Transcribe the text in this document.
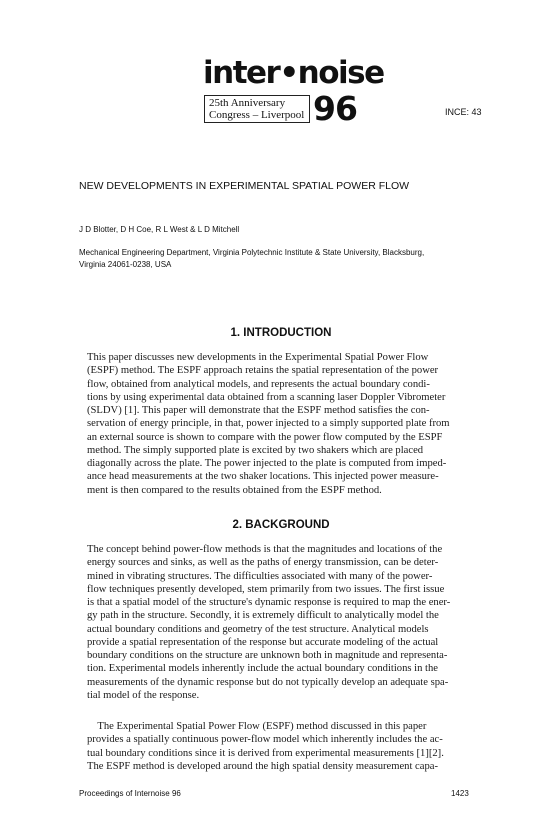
inter•noise
25th Anniversary
Congress – Liverpool 96	INCE: 43
NEW DEVELOPMENTS IN EXPERIMENTAL SPATIAL POWER FLOW
J D Blotter, D H Coe, R L West & L D Mitchell
Mechanical Engineering Department, Virginia Polytechnic Institute & State University, Blacksburg,
Virginia 24061-0238, USA
1. INTRODUCTION
This paper discusses new developments in the Experimental Spatial Power Flow
(ESPF) method. The ESPF approach retains the spatial representation of the power
flow, obtained from analytical models, and represents the actual boundary condi-
tions by using experimental data obtained from a scanning laser Doppler Vibrometer
(SLDV) [1]. This paper will demonstrate that the ESPF method satisfies the con-
servation of energy principle, in that, power injected to a simply supported plate from
an external source is shown to compare with the power flow computed by the ESPF
method. The simply supported plate is excited by two shakers which are placed
diagonally across the plate. The power injected to the plate is computed from imped-
ance head measurements at the two shaker locations. This injected power measure-
ment is then compared to the results obtained from the ESPF method.
2. BACKGROUND
The concept behind power-flow methods is that the magnitudes and locations of the
energy sources and sinks, as well as the paths of energy transmission, can be deter-
mined in vibrating structures. The difficulties associated with many of the power-
flow techniques presently developed, stem primarily from two issues. The first issue
is that a spatial model of the structure's dynamic response is required to map the ener-
gy path in the structure. Secondly, it is extremely difficult to analytically model the
actual boundary conditions and geometry of the test structure. Analytical models
provide a spatial representation of the response but accurate modeling of the actual
boundary conditions on the structure are unknown both in magnitude and representa-
tion. Experimental models inherently include the actual boundary conditions in the
measurements of the dynamic response but do not typically develop an adequate spa-
tial model of the response.
The Experimental Spatial Power Flow (ESPF) method discussed in this paper
provides a spatially continuous power-flow model which inherently includes the ac-
tual boundary conditions since it is derived from experimental measurements [1][2].
The ESPF method is developed around the high spatial density measurement capa-
Proceedings of Internoise 96	1423
